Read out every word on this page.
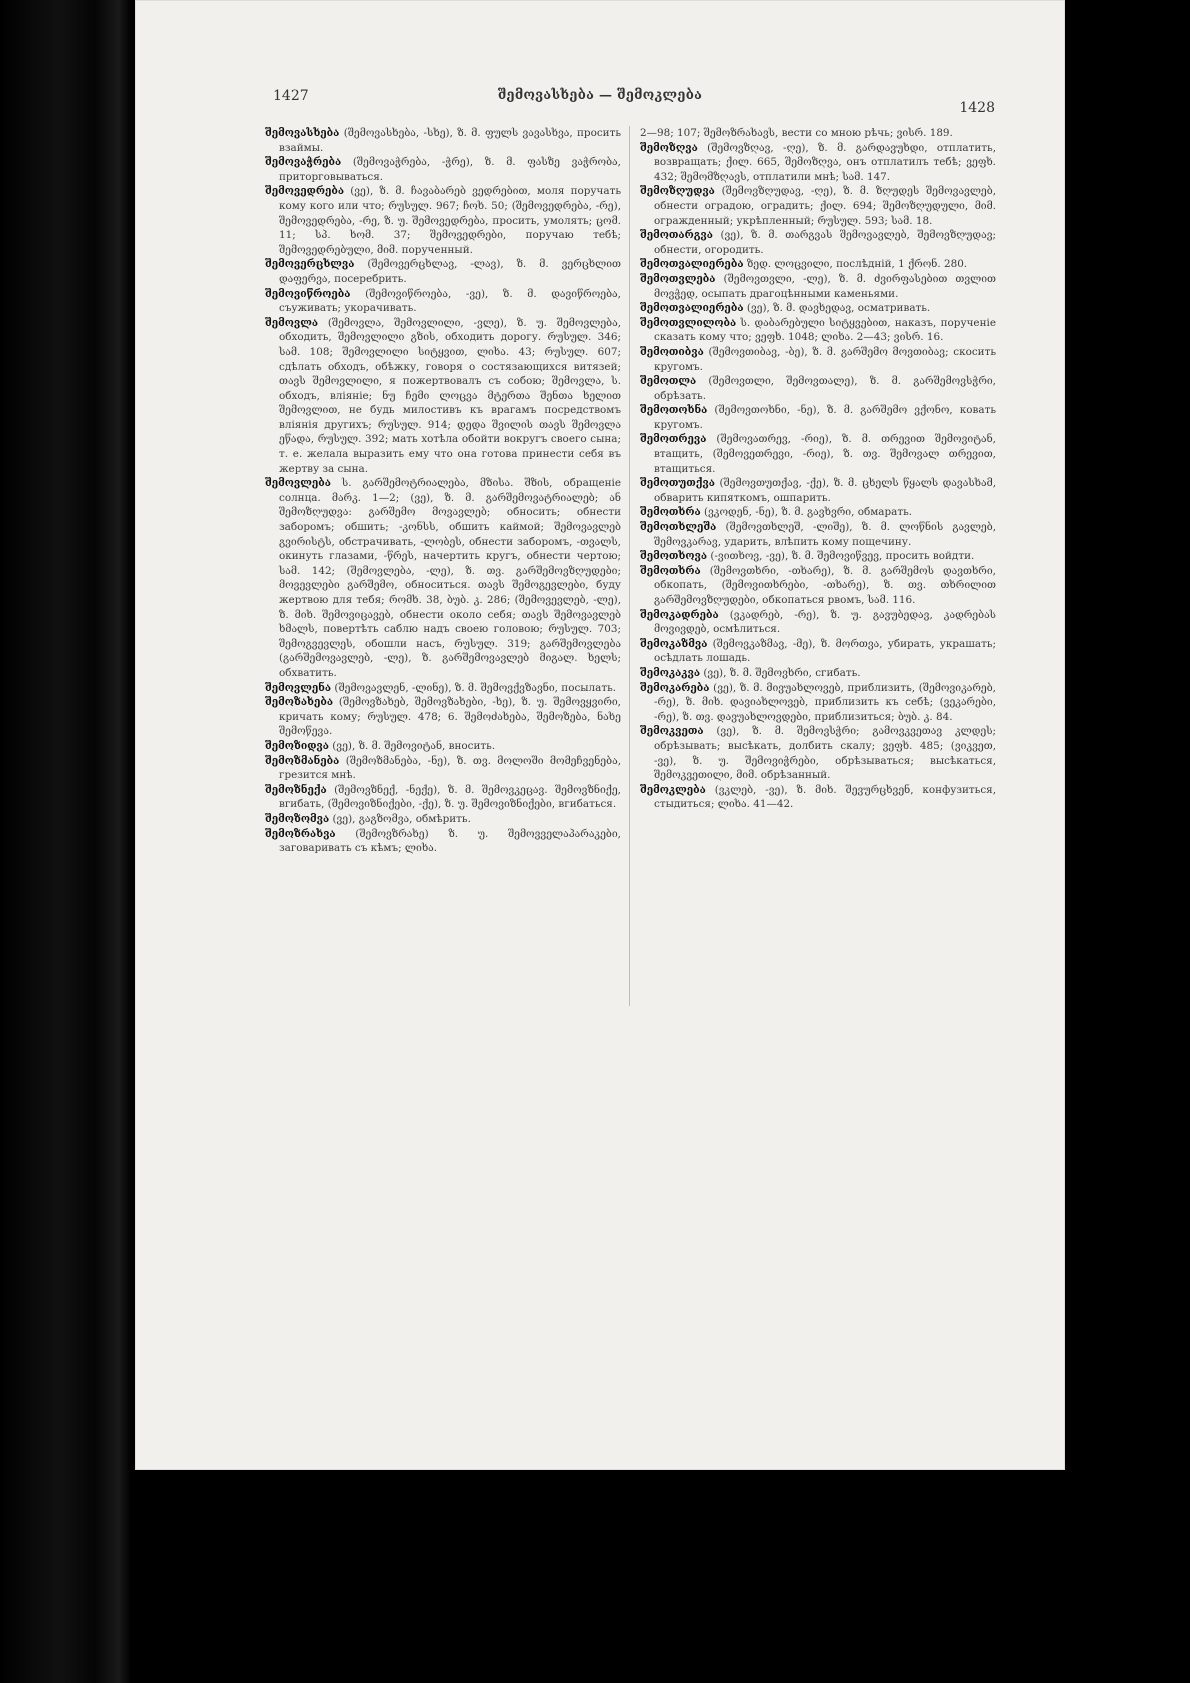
1427	შემოვასხება — შემოკლება
1428
შემოვასხება (შემოვასხება, -სხე), ზ. მ. ფულს ვავასხვა, просить взаймы.
შემოვაჭრება (შემოვაჭრება, -ჭრე), ზ. მ. ფასზე ვაჭრობა, приторговываться.
შემოვედრება (ვე), ზ. მ. ჩავაბარებ ვედრებით, моля поручать кому кого или что; რუსულ. 967; ჩოხ. 50; (შემოვედრება, -რე), შემოვედრება, -რე, ზ. უ. შემოვედრება, просить, умолять; ცომ. 11; სპ. ხომ. 37; შემოვედრები, поручаю тебѣ; შემოვედრებული, მიმ. порученный.
შემოვერცხლვა (შემოვერცხლავ, -ლავ), ზ. მ. ვერცხლით დაფერვა, посеребрить.
შემოვიწროება (შემოვიწროება, -ვე), ზ. მ. დავიწროება, съуживать; укорачивать.
შემოვლა (შემოვლა, შემოვლილი, -ვლე), ზ. უ. შემოვლება, обходить, შემოვლილი გზის, обходить дорогу. რუსულ. 346; სამ. 108; შემოვლილი სიტყვით, ლიხა. 43; რუსულ. 607; сдѣлать обходъ, обѣжку, говоря о состязающихся витязей; თავს შემოვლილი, я пожертвовалъ съ собою; შემოვლა, ს. обходъ, вліяніе; ნუ ჩემი ლოცვა მტერთა შენთა ხელით შემოვლით, не будь милостивъ къ врагамъ посредствомъ вліянія другихъ; რუსულ. 914; დედა შვილის თავს შემოვლა ეწადა, რუსულ. 392; мать хотѣла обойти вокругъ своего сына; т. е. желала выразить ему что она готова принести себя въ жертву за сына.
შემოვლება ს. გარშემოტრიალება, მზისა. შზის, обращеніе солнца. მარკ. 1—2; (ვე), ზ. მ. გარშემოვატრიალებ; ან შემოზღუდვა: გარშემო მოვავლებ; обносить; обнести заборомъ; обшить; -კონსს, обшить каймой; შემოვავლებ გვირისტს, обстрачивать, -ლობეს, обнести заборомъ, -თვალს, окинуть глазами, -წრეს, начертить кругъ, обнести чертою; სამ. 142; (შემოვლება, -ლე), ზ. თვ. გარშემოვზღუდები; მოვევლები გარშემო, обноситься. თავს შემოგევლები, буду жертвою для тебя; რომხ. 38, ბუბ. კ. 286; (შემოვევლებ, -ლე), ზ. მიხ. შემოვიცავებ, обнести около себя; თავს შემოვავლებ ხმალს, повертѣть саблю надъ своею головою; რუსულ. 703; შემოგვევლეს, обошли насъ, რუსულ. 319; გარშემოვლება (გარშემოვავლებ, -ლე), ზ. გარშემოვავლებ მიგალ. ხელს; обхватить.
შემოვლენა (შემოვავლენ, -ლინე), ზ. მ. შემოვქვზავნი, посылать.
შემოზახება (შემოვზახებ, შემოვზახები, -ხე), ზ. უ. შემოვყვირი, кричать кому; რუსულ. 478; 6. შემოძახება, შემოზება, ნახე შემოწევა.
შემოზიდვა (ვე), ზ. მ. შემოვიტან, вносить.
შემოზმანება (შემოზმანება, -ნე), ზ. თვ. მოლოში მომეჩვენება, грезится мнѣ.
შემოზნექა (შემოვზნექ, -ნექე), ზ. მ. შემოვკეცავ. შემოვზნიქე, вгибать, (შემოვიზნიქები, -ქე), ზ. უ. შემოვიზნიქები, вгибаться.
შემოზომვა (ვე), გაგზომვა, обмѣрить.
შემოზრახვა (შემოვზრახე) ზ. უ. შემოვველაპარაკები, заговаривать съ кѣмъ; ლიხა.
2—98; 107; შემოზრახავს, вести со мною рѣчь; ვისრ. 189.
შემოზღვა (შემოვზღავ, -ღე), ზ. მ. გარდავუხდი, отплатить, возвращать; ქილ. 665, შემოზღვა, онъ отплатилъ тебѣ; ვეფხ. 432; შემომზღავს, отплатили мнѣ; სამ. 147.
შემოზღუდვა (შემოვზღუდავ, -ღე), ზ. მ. ზღუდეს შემოვავლებ, обнести оградою, оградить; ქილ. 694; შემოზღუდული, მიმ. огражденный; укрѣпленный; რუსულ. 593; სამ. 18.
შემოთარგვა (ვე), ზ. მ. თარგვას შემოვავლებ, შემოვზღუდავ; обнести, огородить.
შემოთვალიერება ზედ. ლოცვილი, послѣдній, 1 ქრონ. 280.
შემოთვლება (შემოვთვლი, -ლე), ზ. მ. ძვირფასებით თვლით მოვჭედ, осыпать драгоцѣнными каменьями.
შემოთვალიერება (ვე), ზ. მ. დავხედავ, осматривать.
შემოთვლილობა ს. დაბარებული სიტყვებით, наказъ, порученіе сказать кому что; ვეფხ. 1048; ლიხა. 2—43; ვისრ. 16.
შემოთიბვა (შემოვთიბავ, -ბე), ზ. მ. გარშემო მოვთიბავ; скосить кругомъ.
შემოთლა (შემოვთლი, შემოვთალე), ზ. მ. გარშემოვსჭრი, обрѣзать.
შემოთოხნა (შემოვთოხნი, -ნე), ზ. მ. გარშემო ვქონო, ковать кругомъ.
შემოთრევა (შემოვათრევ, -რიე), ზ. მ. თრევით შემოვიტან, втащить, (შემოვეთრევი, -რიე), ზ. თვ. შემოვალ თრევით, втащиться.
შემოთუთქვა (შემოვთუთქავ, -ქე), ზ. მ. ცხელს წყალს დავასხამ, обварить кипяткомъ, ошпарить.
შემოთხრა (ვკოდენ, -ნე), ზ. მ. გავხვრი, обмарать.
შემოთხლეშა (შემოვთხლეშ, -ლიშე), ზ. მ. ლოწნის გავლებ, შემოვკარავ, ударить, влѣпить кому пощечину.
შემოთხოვა (-ვითხოვ, -ვე), ზ. მ. შემოვიწვევ, просить войдти.
შემოთხრა (შემოვთხრი, -თხარე), ზ. მ. გარშემოს დავთხრი, обкопать, (შემოვითხრები, -თხარე), ზ. თვ. თხრილით გარშემოვზღუდები, обкопаться рвомъ, სამ. 116.
შემოკადრება (ვკადრებ, -რე), ზ. უ. გავუბედავ, კადრებას მოვივდებ, осмѣлиться.
შემოკაზმვა (შემოვკაზმავ, -მე), ზ. მორთვა, убирать, украшать; осѣдлать лошадь.
შემოკაკვა (ვე), ზ. მ. შემოვხრი, сгибать.
შემოკარება (ვე), ზ. მ. მივუახლოვებ, приблизить, (შემოვიკარებ, -რე), ზ. მიხ. დავიახლოვებ, приблизить къ себѣ; (ვეკარები, -რე), ზ. თვ. დავუახლოვდები, приблизиться; ბუბ. კ. 84.
შემოკვეთა (ვე), ზ. მ. შემოვსჭრი; გამოვკვეთავ კლდეს; обрѣзывать; высѣкать, долбить скалу; ვეფხ. 485; (ვიკვეთ, -ვე), ზ. უ. შემოვიჭრები, обрѣзываться; высѣкаться, შემოკვეთილი, მიმ. обрѣзанный.
შემოკლება (ვკლებ, -ვე), ზ. მიხ. შევურცხვენ, конфузиться, стыдиться; ლიხა. 41—42.
